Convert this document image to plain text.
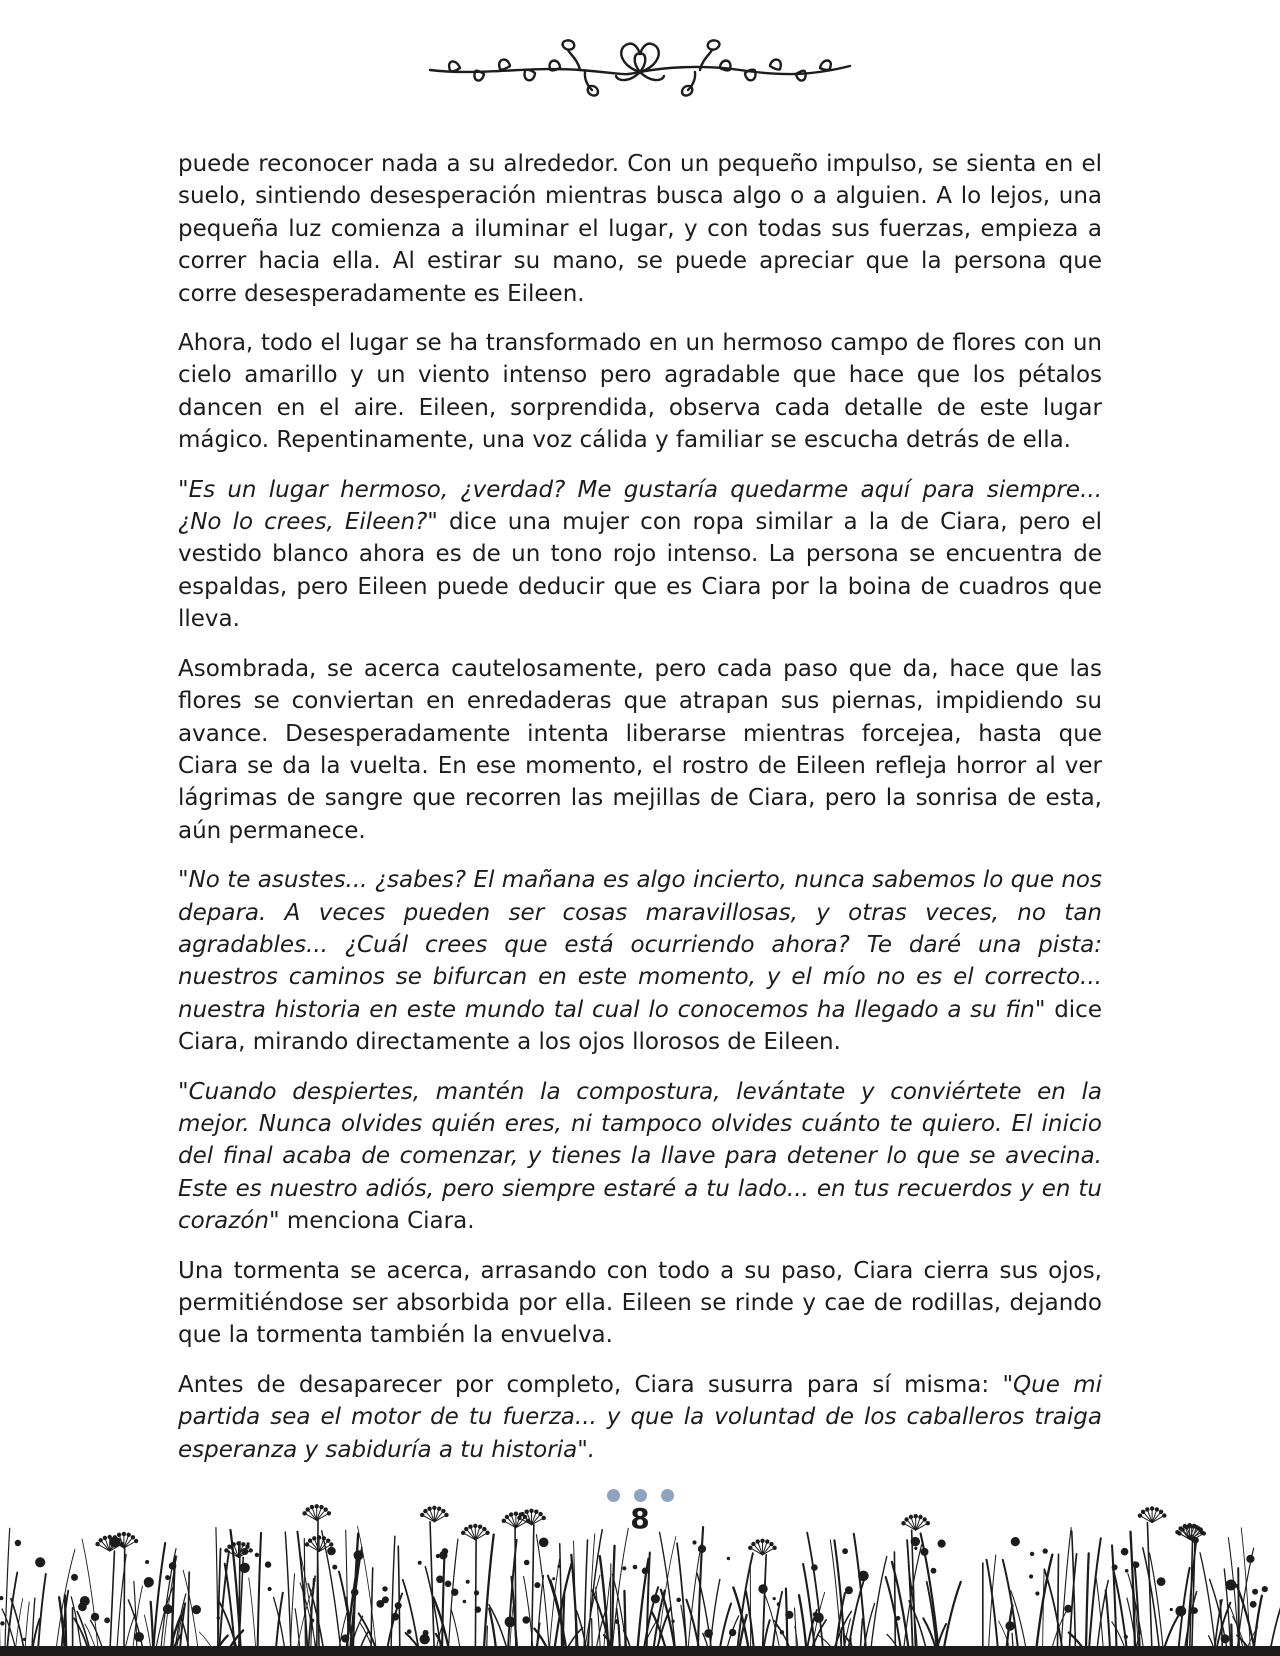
puede reconocer nada a su alrededor. Con un pequeño impulso, se sienta en el suelo, sintiendo desesperación mientras busca algo o a alguien. A lo lejos, una pequeña luz comienza a iluminar el lugar, y con todas sus fuerzas, empieza a correr hacia ella. Al estirar su mano, se puede apreciar que la persona que corre desesperadamente es Eileen.

Ahora, todo el lugar se ha transformado en un hermoso campo de flores con un cielo amarillo y un viento intenso pero agradable que hace que los pétalos dancen en el aire. Eileen, sorprendida, observa cada detalle de este lugar mágico. Repentinamente, una voz cálida y familiar se escucha detrás de ella.

"Es un lugar hermoso, ¿verdad? Me gustaría quedarme aquí para siempre... ¿No lo crees, Eileen?" dice una mujer con ropa similar a la de Ciara, pero el vestido blanco ahora es de un tono rojo intenso. La persona se encuentra de espaldas, pero Eileen puede deducir que es Ciara por la boina de cuadros que lleva.

Asombrada, se acerca cautelosamente, pero cada paso que da, hace que las flores se conviertan en enredaderas que atrapan sus piernas, impidiendo su avance. Desesperadamente intenta liberarse mientras forcejea, hasta que Ciara se da la vuelta. En ese momento, el rostro de Eileen refleja horror al ver lágrimas de sangre que recorren las mejillas de Ciara, pero la sonrisa de esta, aún permanece.

"No te asustes... ¿sabes? El mañana es algo incierto, nunca sabemos lo que nos depara. A veces pueden ser cosas maravillosas, y otras veces, no tan agradables... ¿Cuál crees que está ocurriendo ahora? Te daré una pista: nuestros caminos se bifurcan en este momento, y el mío no es el correcto... nuestra historia en este mundo tal cual lo conocemos ha llegado a su fin" dice Ciara, mirando directamente a los ojos llorosos de Eileen.

"Cuando despiertes, mantén la compostura, levántate y conviértete en la mejor. Nunca olvides quién eres, ni tampoco olvides cuánto te quiero. El inicio del final acaba de comenzar, y tienes la llave para detener lo que se avecina. Este es nuestro adiós, pero siempre estaré a tu lado... en tus recuerdos y en tu corazón" menciona Ciara.

Una tormenta se acerca, arrasando con todo a su paso, Ciara cierra sus ojos, permitiéndose ser absorbida por ella. Eileen se rinde y cae de rodillas, dejando que la tormenta también la envuelva.

Antes de desaparecer por completo, Ciara susurra para sí misma: "Que mi partida sea el motor de tu fuerza... y que la voluntad de los caballeros traiga esperanza y sabiduría a tu historia".

8
